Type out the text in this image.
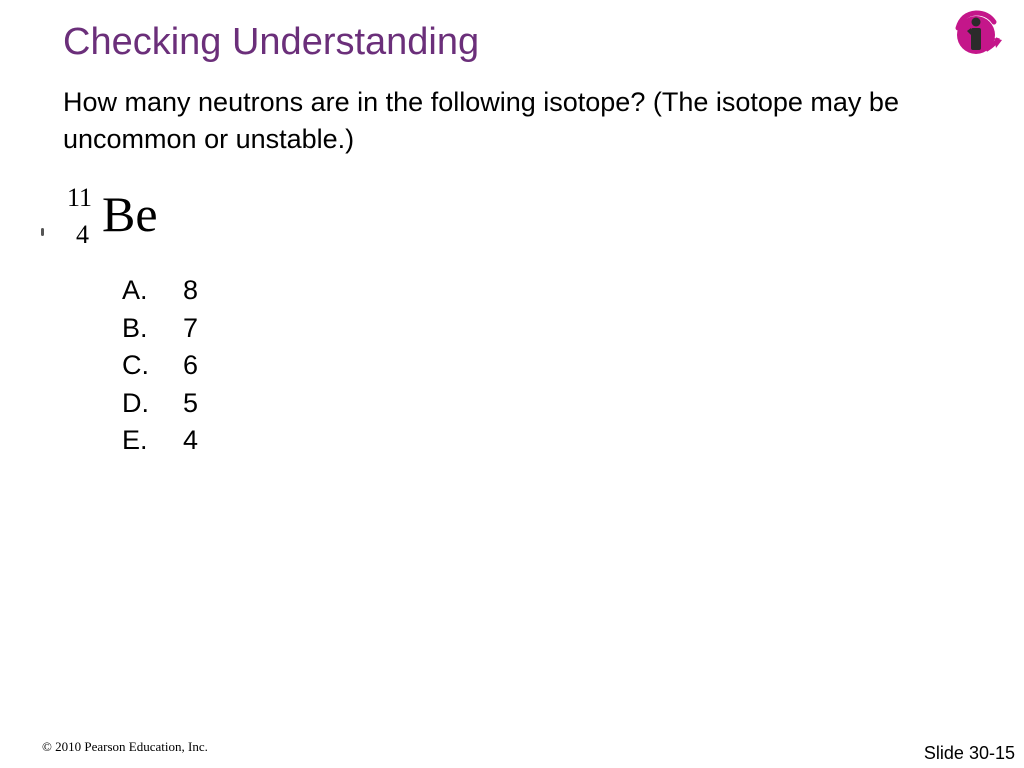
Checking Understanding
How many neutrons are in the following isotope? (The isotope may be uncommon or unstable.)
11
4 Be
A.	8
B.	7
C.	6
D.	5
E.	4
© 2010 Pearson Education, Inc.	Slide 30-15
